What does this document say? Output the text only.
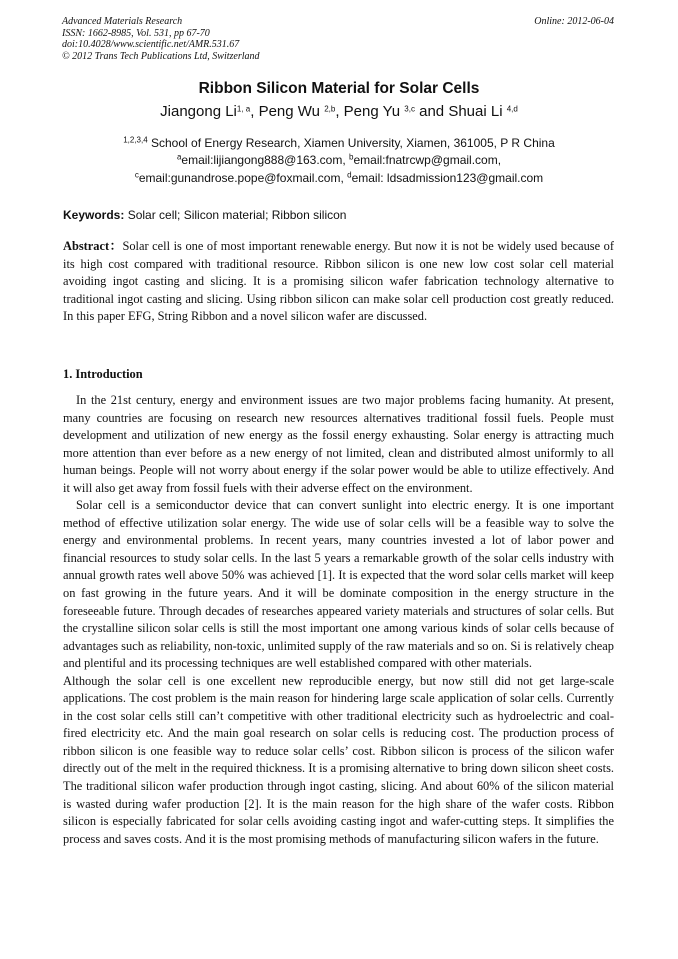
Advanced Materials Research
ISSN: 1662-8985, Vol. 531, pp 67-70
doi:10.4028/www.scientific.net/AMR.531.67
© 2012 Trans Tech Publications Ltd, Switzerland
Online: 2012-06-04
Ribbon Silicon Material for Solar Cells
Jiangong Li$^{1, a}$, Peng Wu $^{2,b}$, Peng Yu $^{3,c}$ and Shuai Li $^{4,d}$
$^{1,2,3,4}$ School of Energy Research, Xiamen University, Xiamen, 361005, P R China
$^a$email:lijiangong888@163.com, $^b$email:fnatrcwp@gmail.com,
$^c$email:gunandrose.pope@foxmail.com, $^d$email: ldsadmission123@gmail.com
Keywords: Solar cell; Silicon material; Ribbon silicon

Abstract：Solar cell is one of most important renewable energy. But now it is not be widely used because of its high cost compared with traditional resource. Ribbon silicon is one new low cost solar cell material avoiding ingot casting and slicing. It is a promising silicon wafer fabrication technology alternative to traditional ingot casting and slicing. Using ribbon silicon can make solar cell production cost greatly reduced. In this paper EFG, String Ribbon and a novel silicon wafer are discussed.

1. Introduction

In the 21st century, energy and environment issues are two major problems facing humanity. At present, many countries are focusing on research new resources alternatives traditional fossil fuels. People must development and utilization of new energy as the fossil energy exhausting. Solar energy is attracting much more attention than ever before as a new energy of not limited, clean and distributed almost uniformly to all human beings. People will not worry about energy if the solar power would be able to utilize effectively. And it will also get away from fossil fuels with their adverse effect on the environment.

Solar cell is a semiconductor device that can convert sunlight into electric energy. It is one important method of effective utilization solar energy. The wide use of solar cells will be a feasible way to solve the energy and environmental problems. In recent years, many countries invested a lot of labor power and financial resources to study solar cells. In the last 5 years a remarkable growth of the solar cells industry with annual growth rates well above 50% was achieved [1]. It is expected that the word solar cells market will keep on fast growing in the future years. And it will be dominate composition in the energy structure in the foreseeable future. Through decades of researches appeared variety materials and structures of solar cells. But the crystalline silicon solar cells is still the most important one among various kinds of solar cells because of advantages such as reliability, non-toxic, unlimited supply of the raw materials and so on. Si is relatively cheap and plentiful and its processing techniques are well established compared with other materials.

Although the solar cell is one excellent new reproducible energy, but now still did not get large-scale applications. The cost problem is the main reason for hindering large scale application of solar cells. Currently in the cost solar cells still can’t competitive with other traditional electricity such as hydroelectric and coal-fired electricity etc. And the main goal research on solar cells is reducing cost. The production process of ribbon silicon is one feasible way to reduce solar cells’ cost. Ribbon silicon is process of the silicon wafer directly out of the melt in the required thickness. It is a promising alternative to bring down silicon sheet costs. The traditional silicon wafer production through ingot casting, slicing. And about 60% of the silicon material is wasted during wafer production [2]. It is the main reason for the high share of the wafer costs. Ribbon silicon is especially fabricated for solar cells avoiding casting ingot and wafer-cutting steps. It simplifies the process and saves costs. And it is the most promising methods of manufacturing silicon wafers in the future.
